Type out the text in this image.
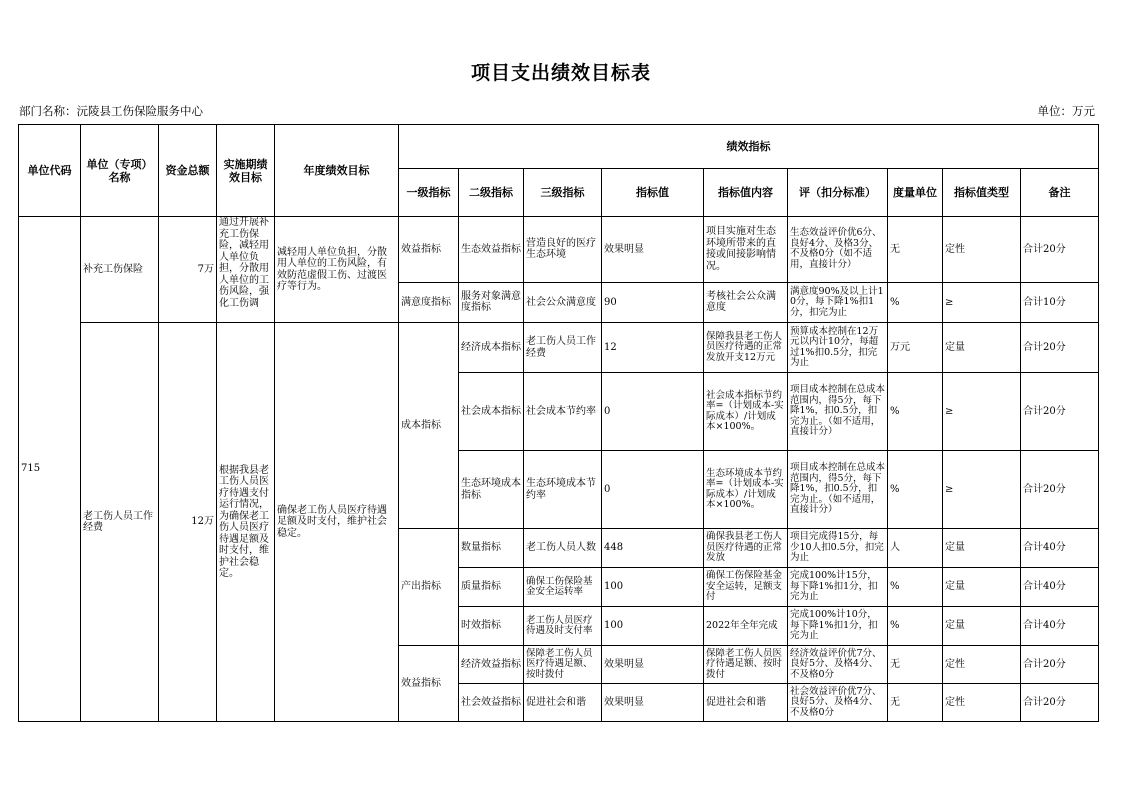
项目支出绩效目标表
部门名称：沅陵县工伤保险服务中心	单位：万元
单位代码	单位（专项）名称	资金总额	实施期绩效目标	年度绩效目标	绩效指标								
					一级指标	二级指标	三级指标	指标值	指标值内容	评（扣分标准）	度量单位	指标值类型	备注
715	补充工伤保险	7万	通过开展补充工伤保险，减轻用人单位负担，分散用人单位的工伤风险，强化工伤调	减轻用人单位负担，分散用人单位的工伤风险，有效防范虚假工伤、过渡医疗等行为。	效益指标	生态效益指标	营造良好的医疗生态环境	效果明显	项目实施对生态环境所带来的直接或间接影响情况。	生态效益评价优6分、良好4分、及格3分、不及格0分（如不适用，直接计分）	无	定性	合计20分
					满意度指标	服务对象满意度指标	社会公众满意度	90	考核社会公众满意度	满意度90%及以上计10分，每下降1%扣1分，扣完为止	%	≥	合计10分
	老工伤人员工作经费	12万	根据我县老工伤人员医疗待遇支付运行情况，为确保老工伤人员医疗待遇足额及时支付，维护社会稳定。	确保老工伤人员医疗待遇足额及时支付，维护社会稳定。	成本指标	经济成本指标	老工伤人员工作经费	12	保障我县老工伤人员医疗待遇的正常发放开支12万元	预算成本控制在12万元以内计10分，每超过1%扣0.5分，扣完为止	万元	定量	合计20分
						社会成本指标	社会成本节约率	0	社会成本指标节约率=（计划成本-实际成本）/计划成本×100%。	项目成本控制在总成本范围内，得5分，每下降1%，扣0.5分，扣完为止。（如不适用，直接计分）	%	≥	合计20分
						生态环境成本指标	生态环境成本节约率	0	生态环境成本节约率=（计划成本-实际成本）/计划成本×100%。	项目成本控制在总成本范围内，得5分，每下降1%，扣0.5分，扣完为止。（如不适用，直接计分）	%	≥	合计20分
					产出指标	数量指标	老工伤人员人数	448	确保我县老工伤人员医疗待遇的正常发放	项目完成得15分，每少10人扣0.5分，扣完为止	人	定量	合计40分
						质量指标	确保工伤保险基金安全运转率	100	确保工伤保险基金安全运转，足额支付	完成100%计15分，每下降1%扣1分，扣完为止	%	定量	合计40分
						时效指标	老工伤人员医疗待遇及时支付率	100	2022年全年完成	完成100%计10分，每下降1%扣1分，扣完为止	%	定量	合计40分
					效益指标	经济效益指标	保障老工伤人员医疗待遇足额、按时拨付	效果明显	保障老工伤人员医疗待遇足额、按时拨付	经济效益评价优7分、良好5分、及格4分、不及格0分	无	定性	合计20分
						社会效益指标	促进社会和谐	效果明显	促进社会和谐	社会效益评价优7分、良好5分、及格4分、不及格0分	无	定性	合计20分
